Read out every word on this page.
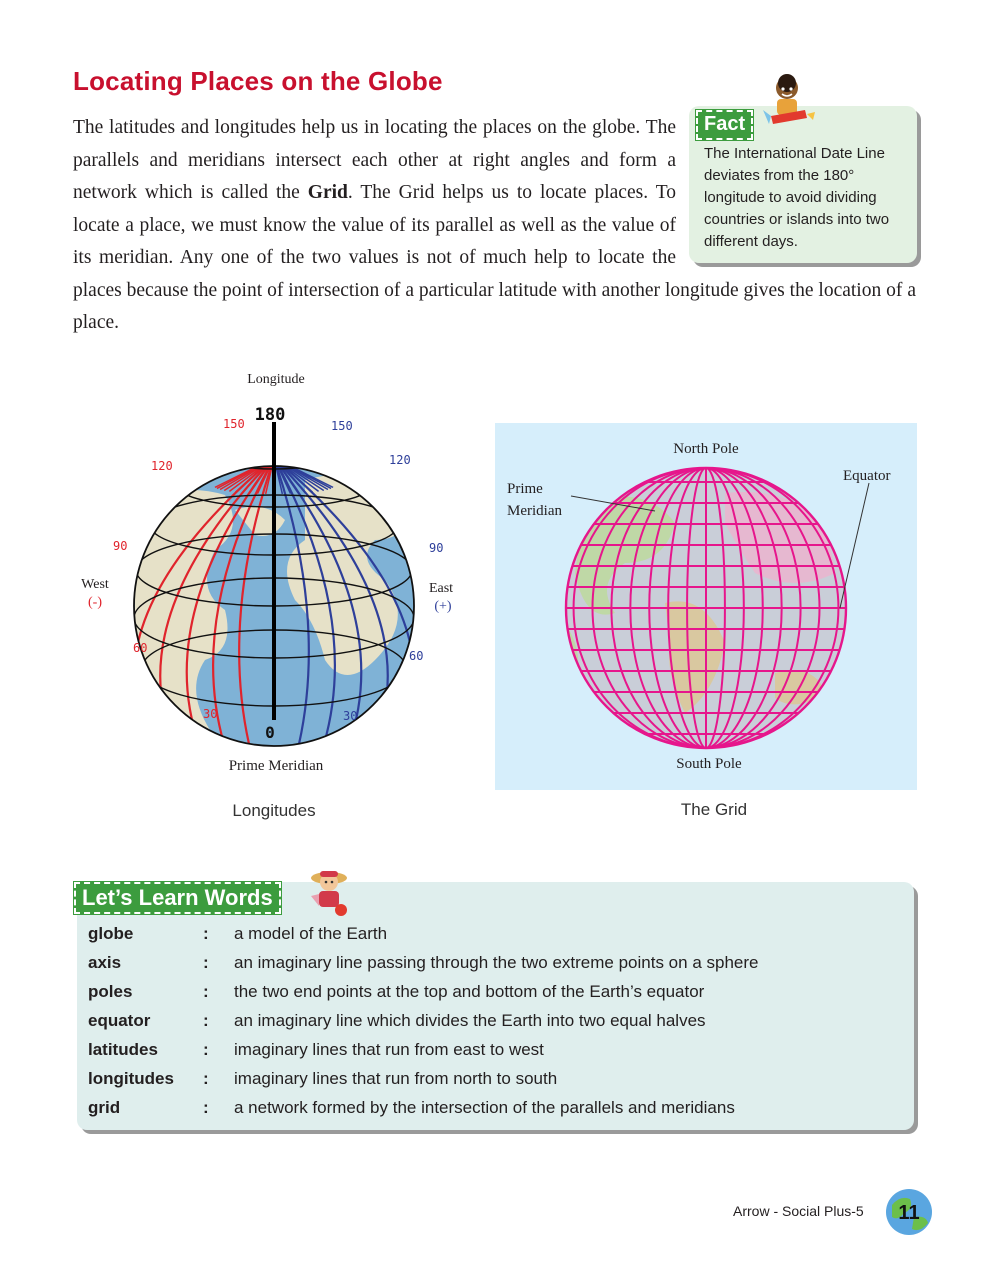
Locating Places on the Globe
The latitudes and longitudes help us in locating the places on the globe. The parallels and meridians intersect each other at right angles and form a network which is called the Grid. The Grid helps us to locate places. To locate a place, we must know the value of its parallel as well as the value of its meridian. Any one of the two values is not of much help to locate the places because the point of intersection of a particular latitude with another longitude gives the location of a place.
Fact
The International Date Line deviates from the 180° longitude to avoid dividing countries or islands into two different days.
Longitude
180
150
120
90
60
30
150
120
90
60
30
0
West
(-)
East
(+)
Prime Meridian
Longitudes
North Pole
South Pole
Prime
Meridian
Equator
The Grid
Let’s Learn Words
globe	: a model of the Earth
axis	: an imaginary line passing through the two extreme points on a sphere
poles	: the two end points at the top and bottom of the Earth’s equator
equator	: an imaginary line which divides the Earth into two equal halves
latitudes	: imaginary lines that run from east to west
longitudes	: imaginary lines that run from north to south
grid	: a network formed by the intersection of the parallels and meridians
Arrow - Social Plus-5 11
